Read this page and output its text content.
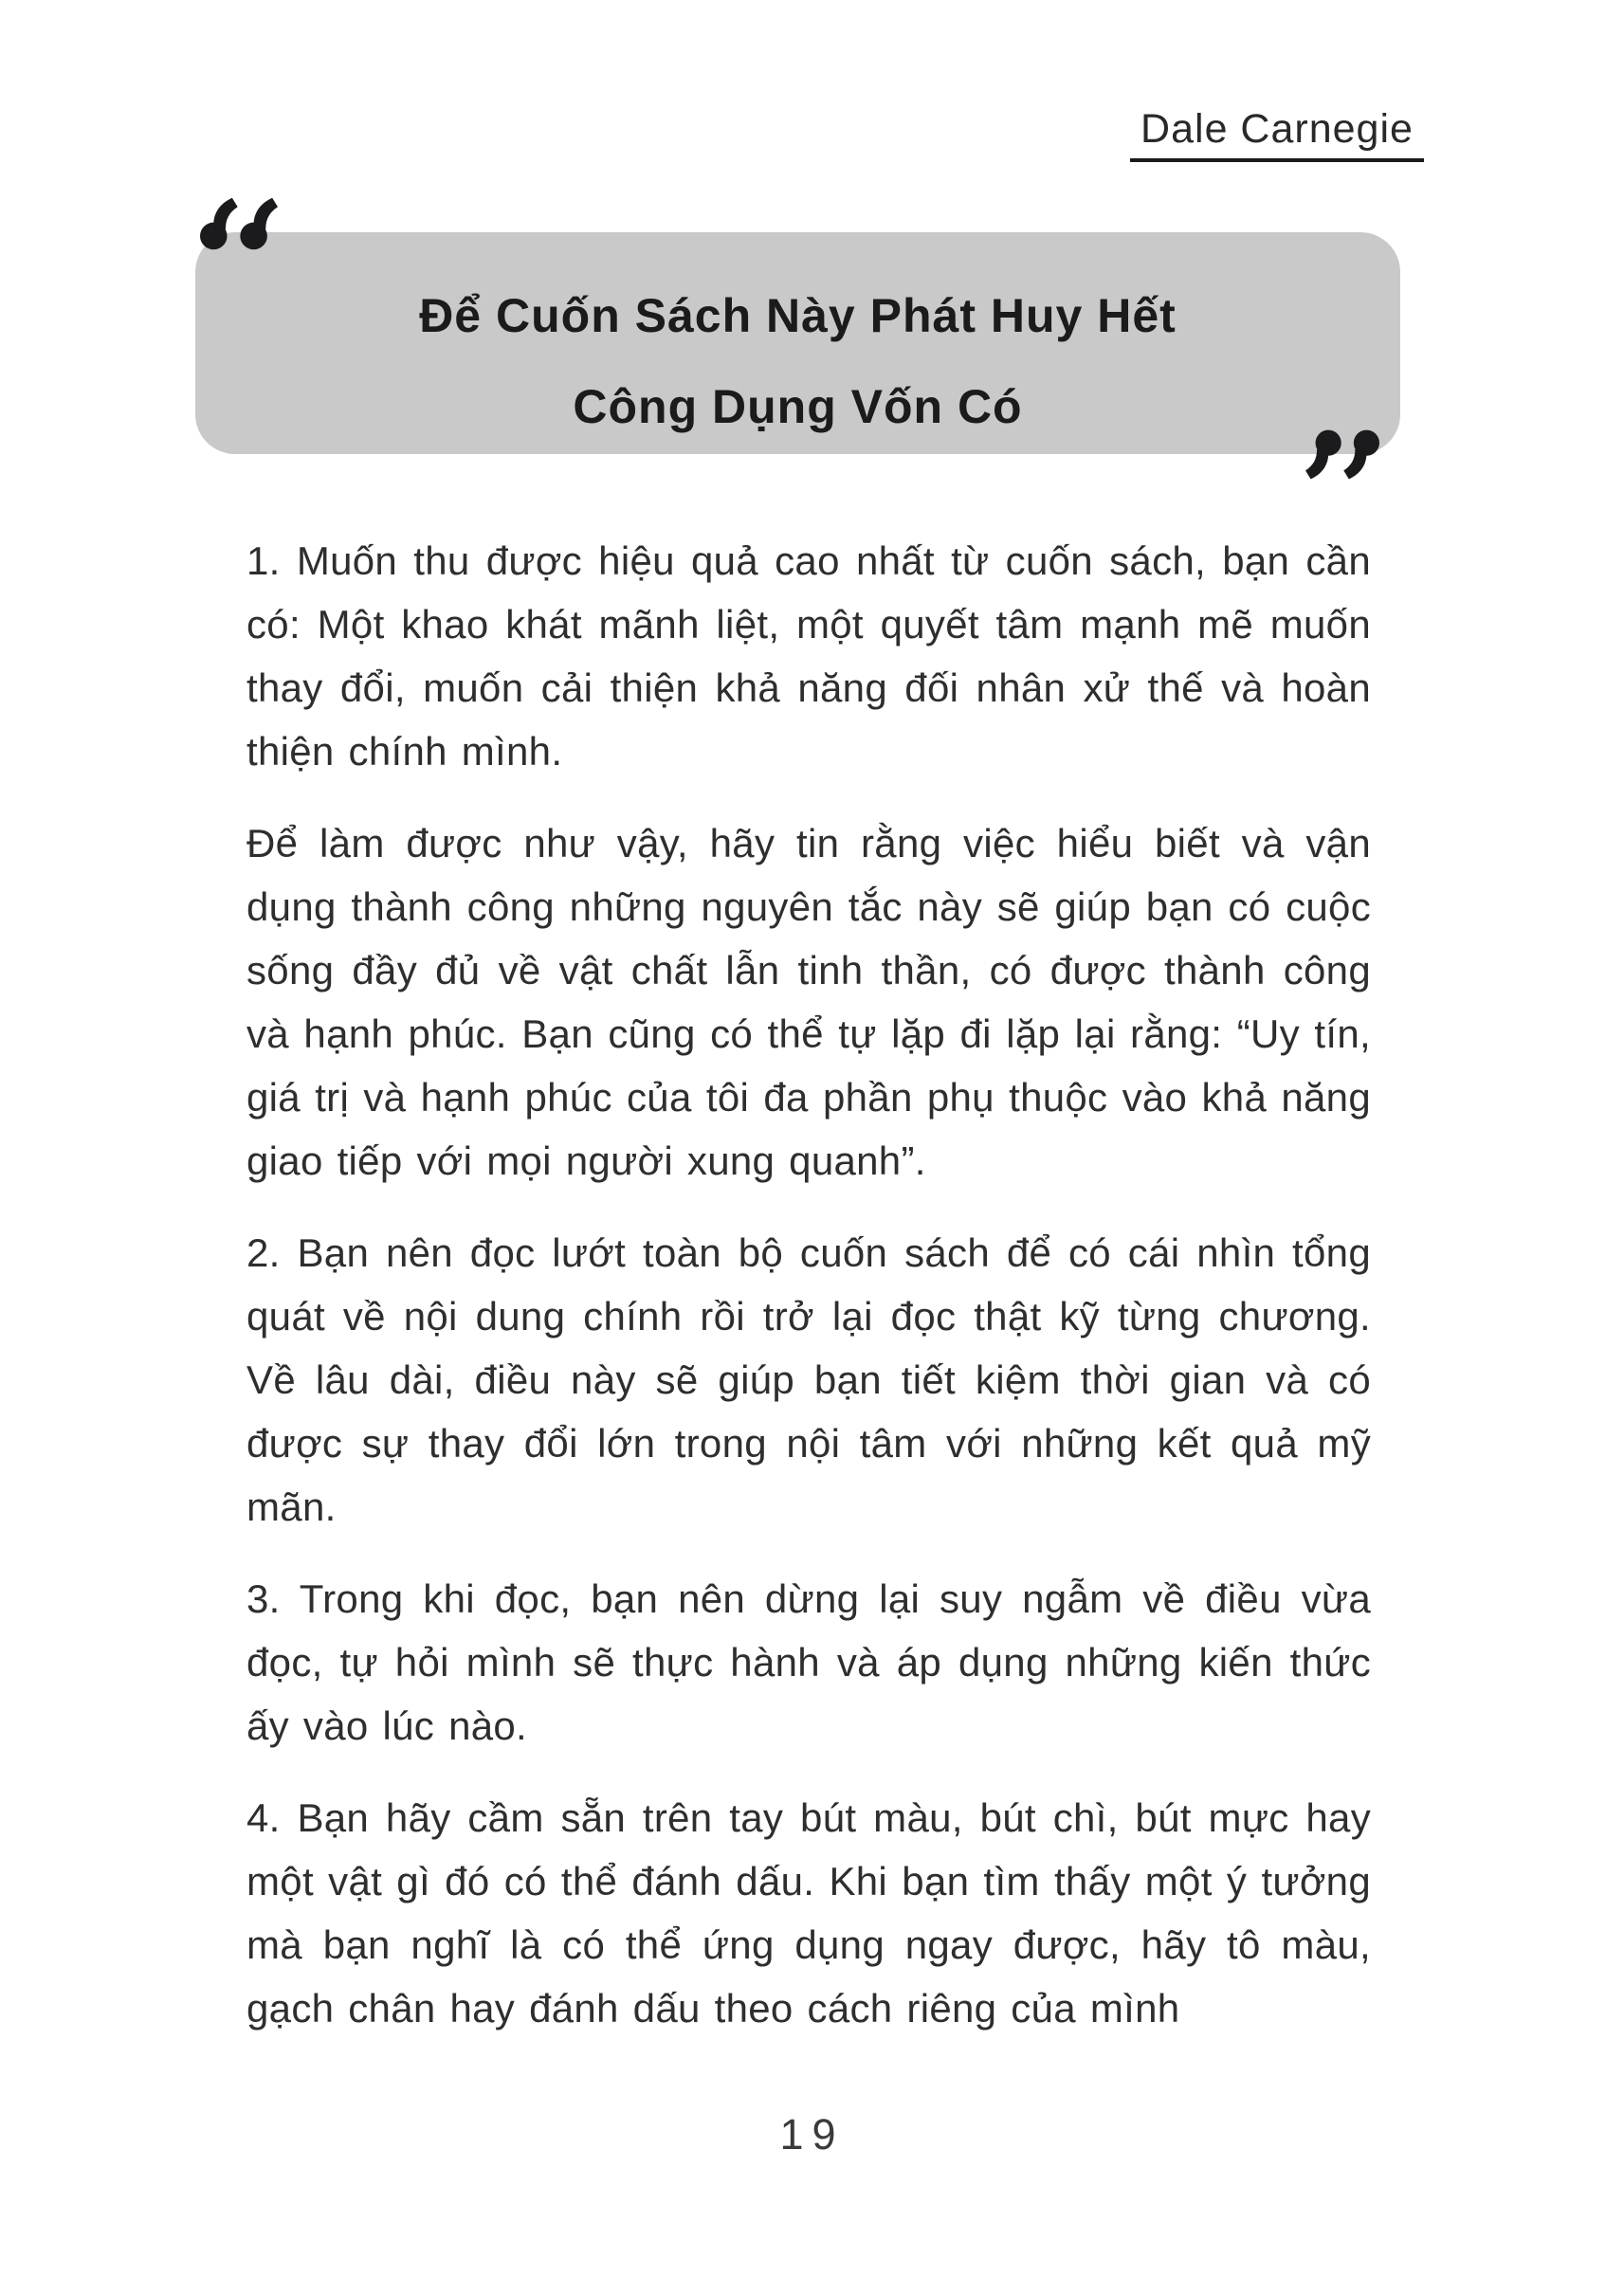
Dale Carnegie
Để Cuốn Sách Này Phát Huy Hết
Công Dụng Vốn Có

1. Muốn thu được hiệu quả cao nhất từ cuốn sách, bạn cần có: Một khao khát mãnh liệt, một quyết tâm mạnh mẽ muốn thay đổi, muốn cải thiện khả năng đối nhân xử thế và hoàn thiện chính mình.

Để làm được như vậy, hãy tin rằng việc hiểu biết và vận dụng thành công những nguyên tắc này sẽ giúp bạn có cuộc sống đầy đủ về vật chất lẫn tinh thần, có được thành công và hạnh phúc. Bạn cũng có thể tự lặp đi lặp lại rằng: “Uy tín, giá trị và hạnh phúc của tôi đa phần phụ thuộc vào khả năng giao tiếp với mọi người xung quanh”.

2. Bạn nên đọc lướt toàn bộ cuốn sách để có cái nhìn tổng quát về nội dung chính rồi trở lại đọc thật kỹ từng chương. Về lâu dài, điều này sẽ giúp bạn tiết kiệm thời gian và có được sự thay đổi lớn trong nội tâm với những kết quả mỹ mãn.

3. Trong khi đọc, bạn nên dừng lại suy ngẫm về điều vừa đọc, tự hỏi mình sẽ thực hành và áp dụng những kiến thức ấy vào lúc nào.

4. Bạn hãy cầm sẵn trên tay bút màu, bút chì, bút mực hay một vật gì đó có thể đánh dấu. Khi bạn tìm thấy một ý tưởng mà bạn nghĩ là có thể ứng dụng ngay được, hãy tô màu, gạch chân hay đánh dấu theo cách riêng của mình

19
